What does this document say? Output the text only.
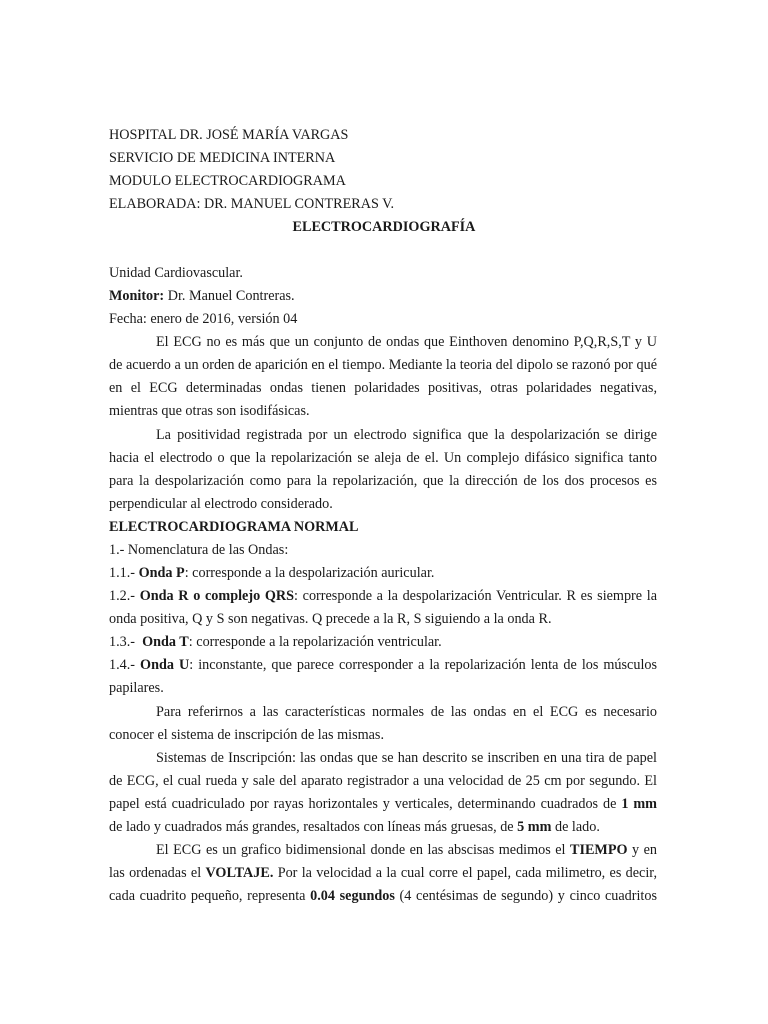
HOSPITAL DR. JOSÉ MARÍA VARGAS
SERVICIO DE MEDICINA INTERNA
MODULO ELECTROCARDIOGRAMA
ELABORADA: DR. MANUEL CONTRERAS V.
ELECTROCARDIOGRAFÍA
Unidad Cardiovascular.
Monitor: Dr. Manuel Contreras.
Fecha: enero de 2016, versión 04
El ECG no es más que un conjunto de ondas que Einthoven denomino P,Q,R,S,T y U
de acuerdo a un orden de aparición en el tiempo. Mediante la teoria del dipolo se razonó por qué
en el ECG determinadas ondas tienen polaridades positivas, otras polaridades negativas,
mientras que otras son isodifásicas.
La positividad registrada por un electrodo significa que la despolarización se dirige
hacia el electrodo o que la repolarización se aleja de el. Un complejo difásico significa tanto
para la despolarización como para la repolarización, que la dirección de los dos procesos es
perpendicular al electrodo considerado.
ELECTROCARDIOGRAMA NORMAL
1.- Nomenclatura de las Ondas:
1.1.- Onda P: corresponde a la despolarización auricular.
1.2.- Onda R o complejo QRS: corresponde a la despolarización Ventricular. R es siempre la
onda positiva, Q y S son negativas. Q precede a la R, S siguiendo a la onda R.
1.3.-  Onda T: corresponde a la repolarización ventricular.
1.4.- Onda U: inconstante, que parece corresponder a la repolarización lenta de los músculos
papilares.
Para referirnos a las características normales de las ondas en el ECG es necesario
conocer el sistema de inscripción de las mismas.
Sistemas de Inscripción: las ondas que se han descrito se inscriben en una tira de papel
de ECG, el cual rueda y sale del aparato registrador a una velocidad de 25 cm por segundo. El
papel está cuadriculado por rayas horizontales y verticales, determinando cuadrados de 1 mm
de lado y cuadrados más grandes, resaltados con líneas más gruesas, de 5 mm de lado.
El ECG es un grafico bidimensional donde en las abscisas medimos el TIEMPO y en
las ordenadas el VOLTAJE. Por la velocidad a la cual corre el papel, cada milimetro, es decir,
cada cuadrito pequeño, representa 0.04 segundos (4 centésimas de segundo) y cinco cuadritos
